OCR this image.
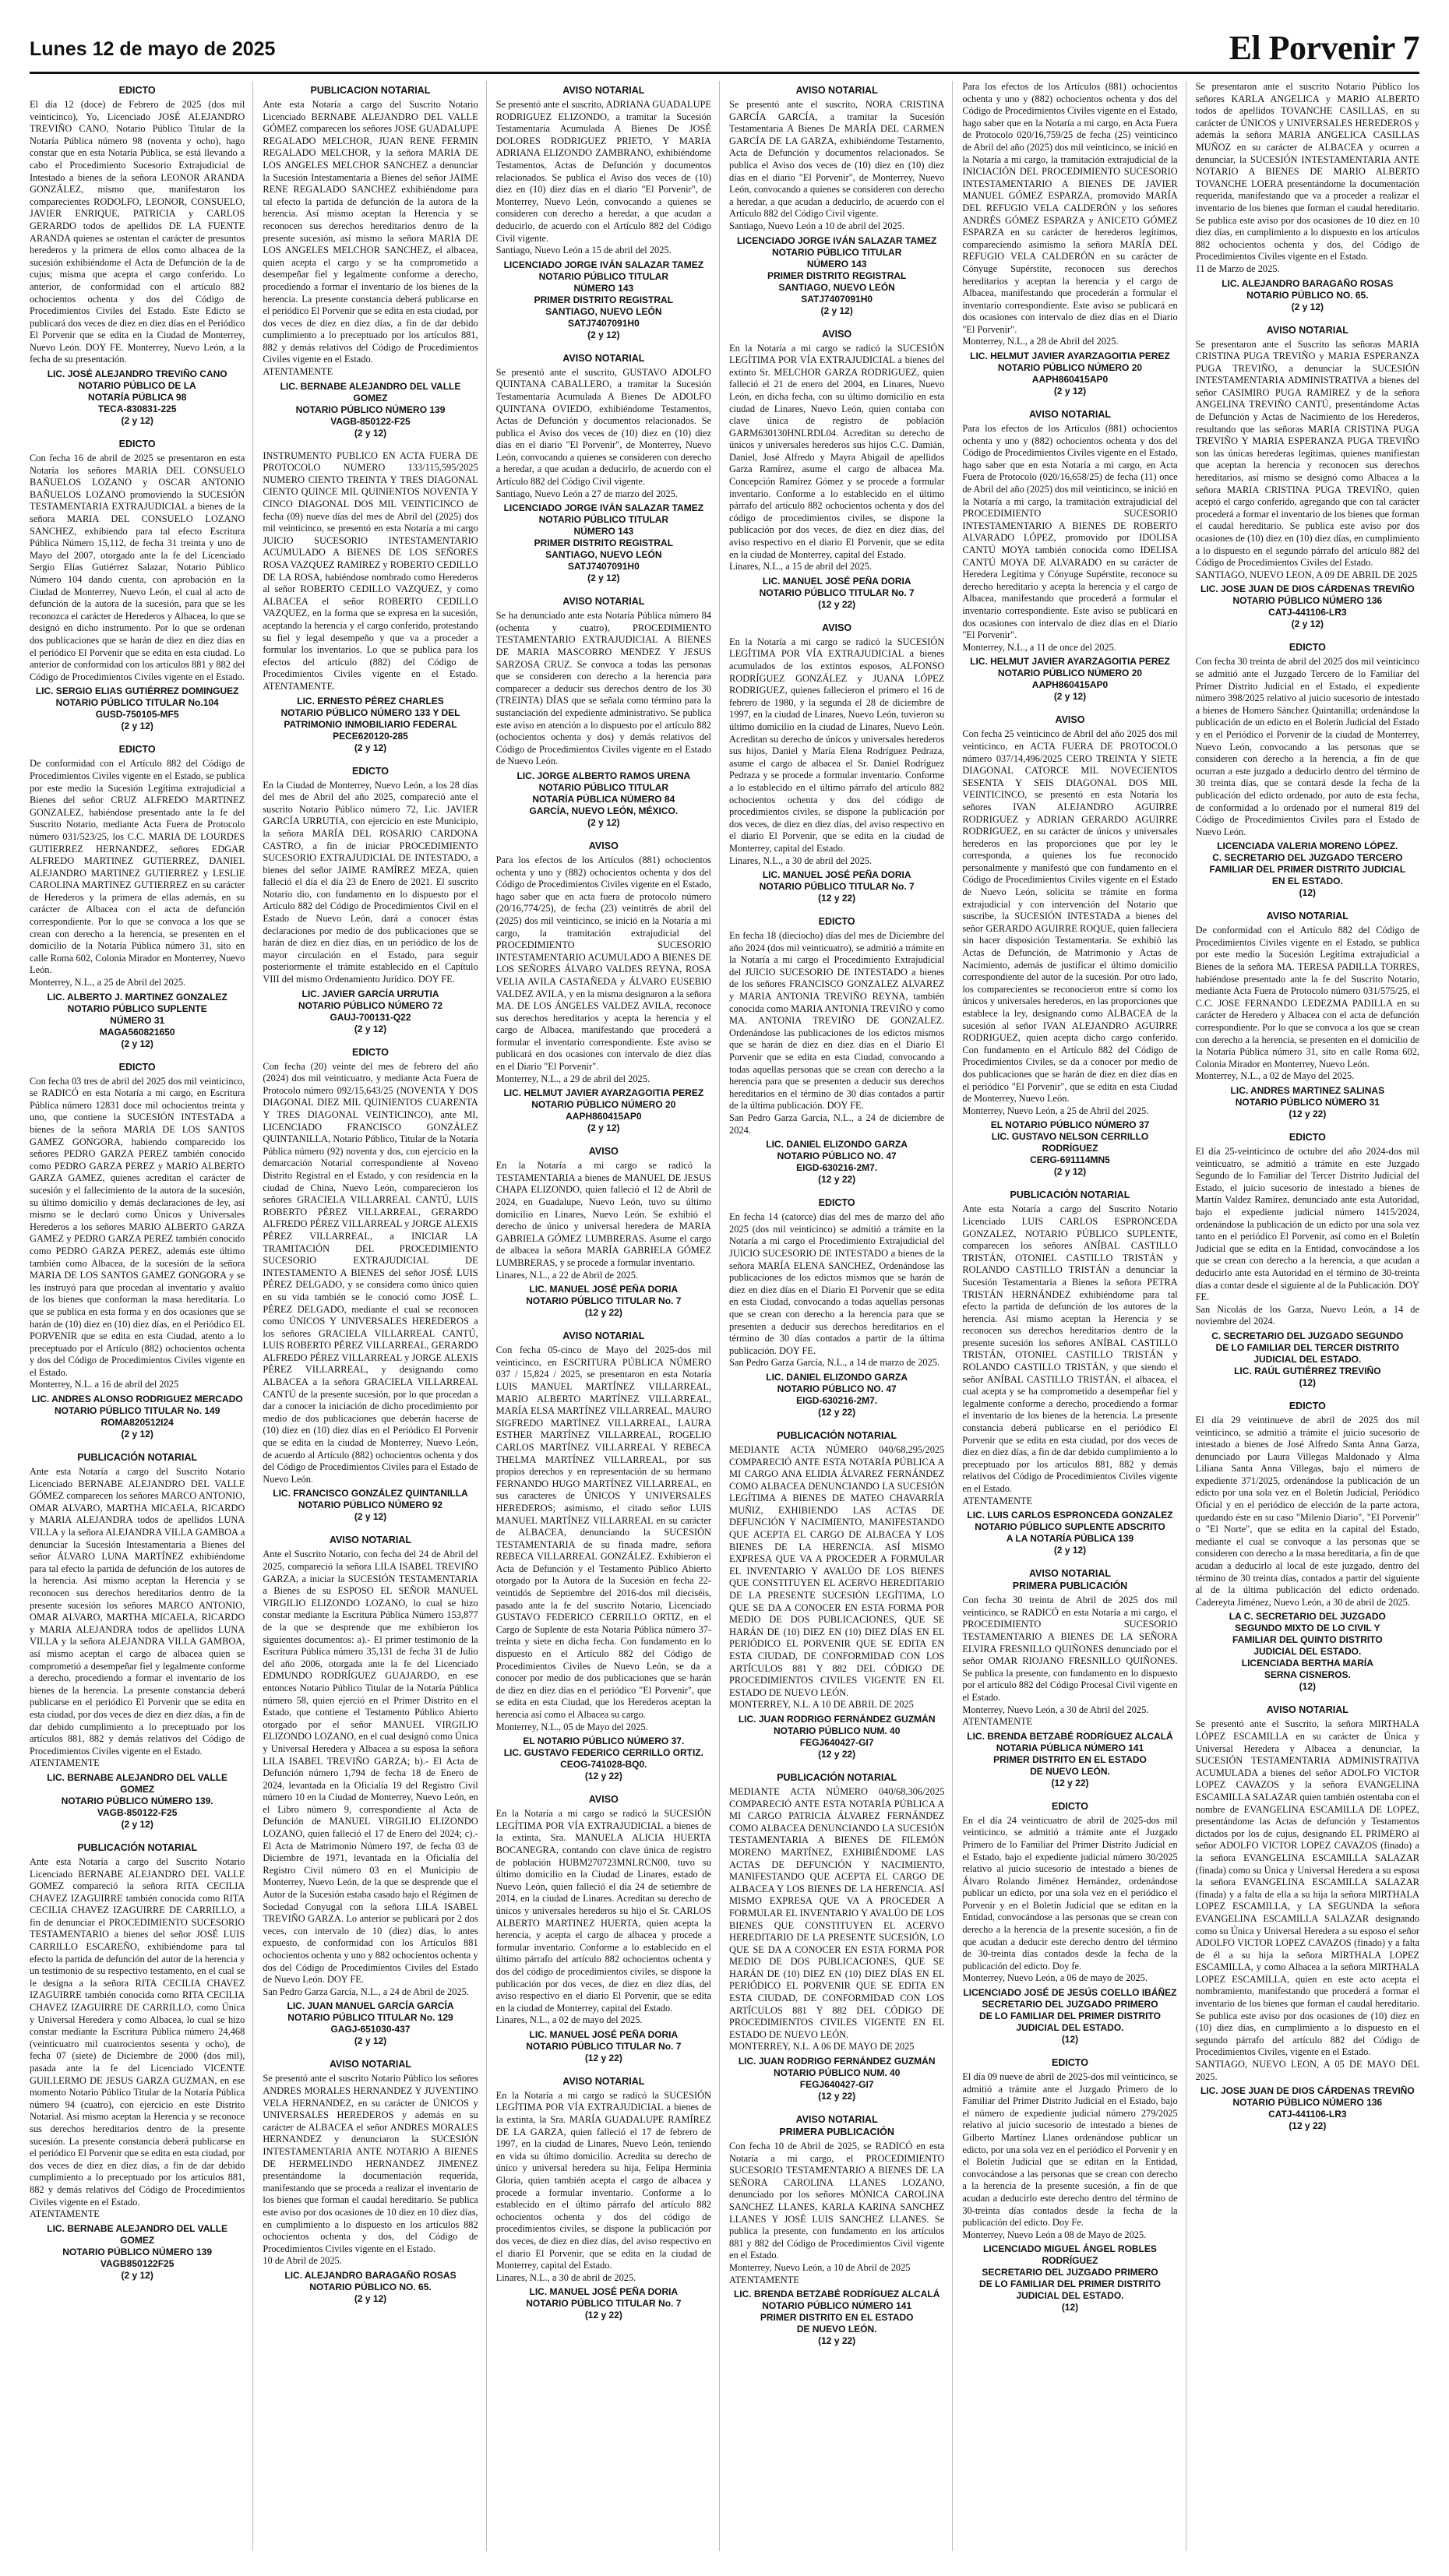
Lunes 12 de mayo de 2025	El Porvenir 7
EDICTO

El día 12 (doce) de Febrero de 2025 (dos mil veinticinco), Yo, Licenciado JOSÉ ALEJANDRO TREVIÑO CANO, Notario Público Titular de la Notaría Pública número 98 (noventa y ocho), hago constar que en esta Notaría Pública, se está llevando a cabo el Procedimiento Sucesorio Extrajudicial de Intestado a bienes de la señora LEONOR ARANDA GONZÁLEZ, mismo que, manifestaron los comparecientes RODOLFO, LEONOR, CONSUELO, JAVIER ENRIQUE, PATRICIA y CARLOS GERARDO todos de apellidos DE LA FUENTE ARANDA quienes se ostentan el carácter de presuntos herederos y la primera de ellos como albacea de la sucesión exhibiéndome el Acta de Defunción de la de cujus; misma que acepta el cargo conferido. Lo anterior, de conformidad con el artículo 882 ochocientos ochenta y dos del Código de Procedimientos Civiles del Estado. Este Edicto se publicará dos veces de diez en diez días en el Periódico El Porvenir que se edita en la Ciudad de Monterrey, Nuevo León. DOY FE. Monterrey, Nuevo León, a la fecha de su presentación.

LIC. JOSÉ ALEJANDRO TREVIÑO CANO
NOTARIO PÚBLICO DE LA
NOTARÍA PÚBLICA 98
TECA-830831-225
(2 y 12)
EDICTO

Con fecha 16 de abril de 2025 se presentaron en esta Notaría los señores MARIA DEL CONSUELO BAÑUELOS LOZANO y OSCAR ANTONIO BAÑUELOS LOZANO promoviendo la SUCESIÓN TESTAMENTARIA EXTRAJUDICIAL a bienes de la señora MARIA DEL CONSUELO LOZANO SANCHEZ, exhibiendo para tal efecto Escritura Pública Número 15,112, de fecha 31 treinta y uno de Mayo del 2007, otorgado ante la fe del Licenciado Sergio Elías Gutiérrez Salazar, Notario Público Número 104 dando cuenta, con aprobación en la Ciudad de Monterrey, Nuevo León, el cual al acto de defunción de la autora de la sucesión, para que se les reconozca el carácter de Herederos y Albacea, lo que se designó en dicho instrumento. Por lo que se ordenan dos publicaciones que se harán de diez en diez días en el periódico El Porvenir que se edita en esta ciudad. Lo anterior de conformidad con los artículos 881 y 882 del Código de Procedimientos Civiles vigente en el Estado.

LIC. SERGIO ELIAS GUTIÉRREZ DOMINGUEZ
NOTARIO PÚBLICO TITULAR No.104
GUSD-750105-MF5
(2 y 12)
EDICTO

De conformidad con el Artículo 882 del Código de Procedimientos Civiles vigente en el Estado, se publica por este medio la Sucesión Legítima extrajudicial a Bienes del señor CRUZ ALFREDO MARTINEZ GONZALEZ, habiéndose presentado ante la fe del Suscrito Notario, mediante Acta Fuera de Protocolo número 031/523/25, los C.C. MARIA DE LOURDES GUTIERREZ HERNANDEZ, señores EDGAR ALFREDO MARTINEZ GUTIERREZ, DANIEL ALEJANDRO MARTINEZ GUTIERREZ y LESLIE CAROLINA MARTINEZ GUTIERREZ en su carácter de Herederos y la primera de ellas además, en su carácter de Albacea con el acta de defunción correspondiente. Por lo que se convoca a los que se crean con derecho a la herencia, se presenten en el domicilio de la Notaría Pública número 31, sito en calle Roma 602, Colonia Mirador en Monterrey, Nuevo León.
Monterrey, N.L., a 25 de Abril del 2025.

LIC. ALBERTO J. MARTINEZ GONZALEZ
NOTARIO PÚBLICO SUPLENTE
NÚMERO 31
MAGA560821650
(2 y 12)
EDICTO

Con fecha 03 tres de abril del 2025 dos mil veinticinco, se RADICÓ en esta Notaría a mi cargo, en Escritura Pública número 12831 doce mil ochocientos treinta y uno, que contiene la SUCESIÓN INTESTADA a bienes de la señora MARIA DE LOS SANTOS GAMEZ GONGORA, habiendo comparecido los señores PEDRO GARZA PEREZ también conocido como PEDRO GARZA PEREZ y MARIO ALBERTO GARZA GAMEZ, quienes acreditan el carácter de sucesión y el fallecimiento de la autora de la sucesión, su último domicilio y demás declaraciones de ley, así mismo se le declaró como Únicos y Universales Herederos a los señores MARIO ALBERTO GARZA GAMEZ y PEDRO GARZA PEREZ también conocido como PEDRO GARZA PEREZ, además este último también como Albacea, de la sucesión de la señora MARIA DE LOS SANTOS GAMEZ GONGORA y se les instruyó para que procedan al inventario y avalúo de los bienes que conforman la masa hereditaria. Lo que se publica en esta forma y en dos ocasiones que se harán de (10) diez en (10) diez días, en el Periódico EL PORVENIR que se edita en esta Ciudad, atento a lo preceptuado por el Artículo (882) ochocientos ochenta y dos del Código de Procedimientos Civiles vigente en el Estado.
Monterrey, N.L. a 16 de abril del 2025

LIC. ANDRES ALONSO RODRIGUEZ MERCADO
NOTARIO PÚBLICO TITULAR No. 149
ROMA820512I24
(2 y 12)
PUBLICACIÓN NOTARIAL

Ante esta Notaría a cargo del Suscrito Notario Licenciado BERNABE ALEJANDRO DEL VALLE GÓMEZ comparecen los señores MARCO ANTONIO, OMAR ALVARO, MARTHA MICAELA, RICARDO y MARIA ALEJANDRA todos de apellidos LUNA VILLA y la señora ALEJANDRA VILLA GAMBOA a denunciar la Sucesión Intestamentaria a Bienes del señor ÁLVARO LUNA MARTÍNEZ exhibiéndome para tal efecto la partida de defunción de los autores de la herencia. Así mismo aceptan la Herencia y se reconocen sus derechos hereditarios dentro de la presente sucesión los señores MARCO ANTONIO, OMAR ALVARO, MARTHA MICAELA, RICARDO y MARIA ALEJANDRA todos de apellidos LUNA VILLA y la señora ALEJANDRA VILLA GAMBOA, así mismo aceptan el cargo de albacea quien se comprometió a desempeñar fiel y legalmente conforme a derecho, procediendo a formar el inventario de los bienes de la herencia. La presente constancia deberá publicarse en el periódico El Porvenir que se edita en esta ciudad, por dos veces de diez en diez días, a fin de dar debido cumplimiento a lo preceptuado por los artículos 881, 882 y demás relativos del Código de Procedimientos Civiles vigente en el Estado.
ATENTAMENTE

LIC. BERNABE ALEJANDRO DEL VALLE GOMEZ
NOTARIO PÚBLICO NÚMERO 139.
VAGB-850122-F25
(2 y 12)
PUBLICACIÓN NOTARIAL

Ante esta Notaría a cargo del Suscrito Notario Licenciado BERNABE ALEJANDRO DEL VALLE GOMEZ compareció la señora RITA CECILIA CHAVEZ IZAGUIRRE también conocida como RITA CECILIA CHAVEZ IZAGUIRRE DE CARRILLO, a fin de denunciar el PROCEDIMIENTO SUCESORIO TESTAMENTARIO a bienes del señor JOSÉ LUIS CARRILLO ESCAREÑO, exhibiéndome para tal efecto la partida de defunción del autor de la herencia y un testimonio de su respectivo testamento, en el cual se le designa a la señora RITA CECILIA CHAVEZ IZAGUIRRE también conocida como RITA CECILIA CHAVEZ IZAGUIRRE DE CARRILLO, como Única y Universal Heredera y como Albacea, lo cual se hizo constar mediante la Escritura Pública número 24,468 (veinticuatro mil cuatrocientos sesenta y ocho), de fecha 07 (siete) de Diciembre de 2000 (dos mil), pasada ante la fe del Licenciado VICENTE GUILLERMO DE JESUS GARZA GUZMAN, en ese momento Notario Público Titular de la Notaría Pública número 94 (cuatro), con ejercicio en este Distrito Notarial. Así mismo aceptan la Herencia y se reconoce sus derechos hereditarios dentro de la presente sucesión. La presente constancia deberá publicarse en el periódico El Porvenir que se edita en esta ciudad, por dos veces de diez en diez días, a fin de dar debido cumplimiento a lo preceptuado por los artículos 881, 882 y demás relativos del Código de Procedimientos Civiles vigente en el Estado.
ATENTAMENTE

LIC. BERNABE ALEJANDRO DEL VALLE GOMEZ
NOTARIO PÚBLICO NÚMERO 139
VAGB850122F25
(2 y 12)
PUBLICACION NOTARIAL

Ante esta Notaría a cargo del Suscrito Notario Licenciado BERNABE ALEJANDRO DEL VALLE GÓMEZ comparecen los señores JOSE GUADALUPE REGALADO MELCHOR, JUAN RENE FERMIN REGALADO MELCHOR, y la señora MARIA DE LOS ANGELES MELCHOR SANCHEZ a denunciar la Sucesión Intestamentaria a Bienes del señor JAIME RENE REGALADO SANCHEZ exhibiéndome para tal efecto la partida de defunción de la autora de la herencia. Así mismo aceptan la Herencia y se reconocen sus derechos hereditarios dentro de la presente sucesión, así mismo la señora MARIA DE LOS ANGELES MELCHOR SANCHEZ, el albacea, quien acepta el cargo y se ha comprometido a desempeñar fiel y legalmente conforme a derecho, procediendo a formar el inventario de los bienes de la herencia. La presente constancia deberá publicarse en el periódico El Porvenir que se edita en esta ciudad, por dos veces de diez en diez días, a fin de dar debido cumplimiento a lo preceptuado por los artículos 881, 882 y demás relativos del Código de Procedimientos Civiles vigente en el Estado.
ATENTAMENTE

LIC. BERNABE ALEJANDRO DEL VALLE GOMEZ
NOTARIO PÚBLICO NÚMERO 139
VAGB-850122-F25
(2 y 12)

INSTRUMENTO PUBLICO EN ACTA FUERA DE PROTOCOLO NUMERO 133/115,595/2025 NUMERO CIENTO TREINTA Y TRES DIAGONAL CIENTO QUINCE MIL QUINIENTOS NOVENTA Y CINCO DIAGONAL DOS MIL VEINTICINCO de fecha (09) nueve días del mes de Abril del (2025) dos mil veinticinco, se presentó en esta Notaría a mi cargo JUICIO SUCESORIO INTESTAMENTARIO ACUMULADO A BIENES DE LOS SEÑORES ROSA VAZQUEZ RAMIREZ y ROBERTO CEDILLO DE LA ROSA, habiéndose nombrado como Herederos al señor ROBERTO CEDILLO VAZQUEZ, y como ALBACEA el señor ROBERTO CEDILLO VAZQUEZ, en la forma que se expresa en la sucesión, aceptando la herencia y el cargo conferido, protestando su fiel y legal desempeño y que va a proceder a formular los inventarios. Lo que se publica para los efectos del artículo (882) del Código de Procedimientos Civiles vigente en el Estado. ATENTAMENTE.

LIC. ERNESTO PÉREZ CHARLES
NOTARIO PÚBLICO NÚMERO 133 Y DEL PATRIMONIO INMOBILIARIO FEDERAL
PECE620120-285
(2 y 12)
EDICTO

En la Ciudad de Monterrey, Nuevo León, a los 28 días del mes de Abril del año 2025, compareció ante el suscrito Notario Público número 72, Lic. JAVIER GARCÍA URRUTIA, con ejercicio en este Municipio, la señora MARÍA DEL ROSARIO CARDONA CASTRO, a fin de iniciar PROCEDIMIENTO SUCESORIO EXTRAJUDICIAL DE INTESTADO, a bienes del señor JAIME RAMÍREZ MEZA, quien falleció el día el día 23 de Enero de 2021. El suscrito Notario dio, con fundamento en lo dispuesto por el Artículo 882 del Código de Procedimientos Civil en el Estado de Nuevo León, dará a conocer éstas declaraciones por medio de dos publicaciones que se harán de diez en diez días, en un periódico de los de mayor circulación en el Estado, para seguir posteriormente el trámite establecido en el Capítulo VIII del mismo Ordenamiento Jurídico. DOY FE.

LIC. JAVIER GARCÍA URRUTIA
NOTARIO PÚBLICO NÚMERO 72
GAUJ-700131-Q22
(2 y 12)
EDICTO

Con fecha (20) veinte del mes de febrero del año (2024) dos mil veinticuatro, y mediante Acta Fuera de Protocolo número 092/15,643/25 (NOVENTA Y DOS DIAGONAL DIEZ MIL QUINIENTOS CUARENTA Y TRES DIAGONAL VEINTICINCO), ante MI, LICENCIADO FRANCISCO GONZÁLEZ QUINTANILLA, Notario Público, Titular de la Notaría Pública número (92) noventa y dos, con ejercicio en la demarcación Notarial correspondiente al Noveno Distrito Registral en el Estado, y con residencia en la ciudad de China, Nuevo León, comparecieron los señores GRACIELA VILLARREAL CANTÚ, LUIS ROBERTO PÉREZ VILLARREAL, GERARDO ALFREDO PÉREZ VILLARREAL y JORGE ALEXIS PÉREZ VILLARREAL, a INICIAR LA TRAMITACIÓN DEL PROCEDIMIENTO SUCESORIO EXTRAJUDICIAL DE INTESTAMENTO A BIENES del señor JOSÉ LUIS PÉREZ DELGADO, y se considera como único quien en su vida también se le conoció como JOSÉ L. PÉREZ DELGADO, mediante el cual se reconocen como ÚNICOS Y UNIVERSALES HEREDEROS a los señores GRACIELA VILLARREAL CANTÚ, LUIS ROBERTO PÉREZ VILLARREAL, GERARDO ALFREDO PÉREZ VILLARREAL y JORGE ALEXIS PÉREZ VILLARREAL, y designando como ALBACEA a la señora GRACIELA VILLARREAL CANTÚ de la presente sucesión, por lo que procedan a dar a conocer la iniciación de dicho procedimiento por medio de dos publicaciones que deberán hacerse de (10) diez en (10) diez días en el Periódico El Porvenir que se edita en la ciudad de Monterrey, Nuevo León, de acuerdo al Artículo (882) ochocientos ochenta y dos del Código de Procedimientos Civiles para el Estado de Nuevo León.

LIC. FRANCISCO GONZÁLEZ QUINTANILLA
NOTARIO PÚBLICO NÚMERO 92
(2 y 12)
AVISO NOTARIAL

Ante el Suscrito Notario, con fecha del 24 de Abril del 2025, compareció la señora LILA ISABEL TREVIÑO GARZA, a iniciar la SUCESIÓN TESTAMENTARIA a Bienes de su ESPOSO EL SEÑOR MANUEL VIRGILIO ELIZONDO LOZANO, lo cual se hizo constar mediante la Escritura Pública Número 153,877 de la que se desprende que me exhibieron los siguientes documentos: a).- El primer testimonio de la Escritura Pública número 35,131 de fecha 31 de Julio del año 2006, otorgada ante la fe del Licenciado EDMUNDO RODRÍGUEZ GUAJARDO, en ese entonces Notario Público Titular de la Notaría Pública número 58, quien ejerció en el Primer Distrito en el Estado, que contiene el Testamento Público Abierto otorgado por el señor MANUEL VIRGILIO ELIZONDO LOZANO, en el cual designó como Única y Universal Heredera y Albacea a su esposa la señora LILA ISABEL TREVIÑO GARZA; b).- El Acta de Defunción número 1,794 de fecha 18 de Enero de 2024, levantada en la Oficialía 19 del Registro Civil número 10 en la Ciudad de Monterrey, Nuevo León, en el Libro número 9, correspondiente al Acta de Defunción de MANUEL VIRGILIO ELIZONDO LOZANO, quien falleció el 17 de Enero del 2024; c).- El Acta de Matrimonio Número 197, de fecha 03 de Diciembre de 1971, levantada en la Oficialía del Registro Civil número 03 en el Municipio de Monterrey, Nuevo León, de la que se desprende que el Autor de la Sucesión estaba casado bajo el Régimen de Sociedad Conyugal con la señora LILA ISABEL TREVIÑO GARZA. Lo anterior se publicará por 2 dos veces, con intervalo de 10 (diez) días, lo antes expuesto, de conformidad con los Artículos 881 ochocientos ochenta y uno y 882 ochocientos ochenta y dos del Código de Procedimientos Civiles del Estado de Nuevo León. DOY FE.
San Pedro Garza García, N.L., a 24 de Abril de 2025.

LIC. JUAN MANUEL GARCÍA GARCÍA
NOTARIO PÚBLICO TITULAR No. 129
GAGJ-651030-437
(2 y 12)
AVISO NOTARIAL

Se presentó ante el suscrito Notario Público los señores ANDRES MORALES HERNANDEZ Y JUVENTINO VELA HERNANDEZ, en su carácter de ÚNICOS y UNIVERSALES HEREDEROS y además en su carácter de ALBACEA el señor ANDRES MORALES HERNANDEZ y denunciaron la SUCESIÓN INTESTAMENTARIA ANTE NOTARIO A BIENES DE HERMELINDO HERNANDEZ JIMENEZ presentándome la documentación requerida, manifestando que se proceda a realizar el inventario de los bienes que forman el caudal hereditario. Se publica este aviso por dos ocasiones de 10 diez en 10 diez días, en cumplimiento a lo dispuesto en los artículos 882 ochocientos ochenta y dos, del Código de Procedimientos Civiles vigente en el Estado.
10 de Abril de 2025.

LIC. ALEJANDRO BARAGAÑO ROSAS
NOTARIO PÚBLICO NO. 65.
(2 y 12)
AVISO NOTARIAL

Se presentó ante el suscrito, ADRIANA GUADALUPE RODRIGUEZ ELIZONDO, a tramitar la Sucesión Testamentaria Acumulada A Bienes De JOSÉ DOLORES RODRIGUEZ PRIETO, Y MARIA ADRIANA ELIZONDO ZAMBRANO, exhibiéndome Testamentos, Actas de Defunción y documentos relacionados. Se publica el Aviso dos veces de (10) diez en (10) diez días en el diario "El Porvenir", de Monterrey, Nuevo León, convocando a quienes se consideren con derecho a heredar, a que acudan a deducirlo, de acuerdo con el Artículo 882 del Código Civil vigente.
Santiago, Nuevo León a 15 de abril del 2025.

LICENCIADO JORGE IVÁN SALAZAR TAMEZ
NOTARIO PÚBLICO TITULAR
NÚMERO 143
PRIMER DISTRITO REGISTRAL
SANTIAGO, NUEVO LEÓN
SATJ7407091H0
(2 y 12)
AVISO NOTARIAL

Se presentó ante el suscrito, GUSTAVO ADOLFO QUINTANA CABALLERO, a tramitar la Sucesión Testamentaria Acumulada A Bienes De ADOLFO QUINTANA OVIEDO, exhibiéndome Testamentos, Actas de Defunción y documentos relacionados. Se publica el Aviso dos veces de (10) diez en (10) diez días en el diario "El Porvenir", de Monterrey, Nuevo León, convocando a quienes se consideren con derecho a heredar, a que acudan a deducirlo, de acuerdo con el Artículo 882 del Código Civil vigente.
Santiago, Nuevo León a 27 de marzo del 2025.

LICENCIADO JORGE IVÁN SALAZAR TAMEZ
NOTARIO PÚBLICO TITULAR
NÚMERO 143
PRIMER DISTRITO REGISTRAL
SANTIAGO, NUEVO LEÓN
SATJ7407091H0
(2 y 12)
AVISO NOTARIAL

Se ha denunciado ante esta Notaría Pública número 84 (ochenta y cuatro), PROCEDIMIENTO TESTAMENTARIO EXTRAJUDICIAL A BIENES DE MARIA MASCORRO MENDEZ Y JESUS SARZOSA CRUZ. Se convoca a todas las personas que se consideren con derecho a la herencia para comparecer a deducir sus derechos dentro de los 30 (TREINTA) DÍAS que se señala como término para la sustanciación del expediente administrativo. Se publica este aviso en atención a lo dispuesto por el artículo 882 (ochocientos ochenta y dos) y demás relativos del Código de Procedimientos Civiles vigente en el Estado de Nuevo León.

LIC. JORGE ALBERTO RAMOS URENA
NOTARIO PÚBLICO TITULAR
NOTARÍA PÚBLICA NÚMERO 84
GARCÍA, NUEVO LEÓN, MÉXICO.
(2 y 12)
AVISO

Para los efectos de los Artículos (881) ochocientos ochenta y uno y (882) ochocientos ochenta y dos del Código de Procedimientos Civiles vigente en el Estado, hago saber que en acta fuera de protocolo número (20/16,774/25), de fecha (23) veintitrés de abril del (2025) dos mil veinticinco, se inició en la Notaría a mi cargo, la tramitación extrajudicial del PROCEDIMIENTO SUCESORIO INTESTAMENTARIO ACUMULADO A BIENES DE LOS SEÑORES ÁLVARO VALDES REYNA, ROSA VELIA AVILA CASTAÑEDA y ÁLVARO EUSEBIO VALDEZ AVILA, y en la misma designaron a la señora MA. DE LOS ÁNGELES VALDEZ AVILA, reconoce sus derechos hereditarios y acepta la herencia y el cargo de Albacea, manifestando que procederá a formular el inventario correspondiente. Este aviso se publicará en dos ocasiones con intervalo de diez días en el Diario "El Porvenir".
Monterrey, N.L., a 29 de abril del 2025.

LIC. HELMUT JAVIER AYARZAGOITIA PEREZ
NOTARIO PÚBLICO NÚMERO 20
AAPH860415AP0
(2 y 12)
AVISO

En la Notaría a mi cargo se radicó la TESTAMENTARIA a bienes de MANUEL DE JESUS CHAPA ELIZONDO, quien falleció el 12 de Abril de 2024, en Guadalupe, Nuevo León, tuvo su último domicilio en Linares, Nuevo León. Se exhibió el derecho de único y universal heredera de MARIA GABRIELA GÓMEZ LUMBRERAS. Asume el cargo de albacea la señora MARÍA GABRIELA GÓMEZ LUMBRERAS, y se procede a formular inventario.
Linares, N.L., a 22 de Abril de 2025.

LIC. MANUEL JOSÉ PEÑA DORIA
NOTARIO PÚBLICO TITULAR No. 7
(12 y 22)
AVISO NOTARIAL

Con fecha 05-cinco de Mayo del 2025-dos mil veinticinco, en ESCRITURA PÚBLICA NÚMERO 037 / 15,824 / 2025, se presentaron en esta Notaría LUIS MANUEL MARTÍNEZ VILLARREAL, MARIO ALBERTO MARTÍNEZ VILLARREAL, MARÍA ELSA MARTÍNEZ VILLARREAL, MAURO SIGFREDO MARTÍNEZ VILLARREAL, LAURA ESTHER MARTÍNEZ VILLARREAL, ROGELIO CARLOS MARTÍNEZ VILLARREAL Y REBECA THELMA MARTÍNEZ VILLARREAL, por sus propios derechos y en representación de su hermano FERNANDO HUGO MARTÍNEZ VILLARREAL, en sus caracteres de ÚNICOS Y UNIVERSALES HEREDEROS; asimismo, el citado señor LUIS MANUEL MARTÍNEZ VILLARREAL en su carácter de ALBACEA, denunciando la SUCESIÓN TESTAMENTARIA de su finada madre, señora REBECA VILLARREAL GONZÁLEZ. Exhibieron el Acta de Defunción y el Testamento Público Abierto otorgado por la Autora de la Sucesión en fecha 22-veintidós de Septiembre del 2016-dos mil dieciséis, pasado ante la fe del suscrito Notario, Licenciado GUSTAVO FEDERICO CERRILLO ORTIZ, en el Cargo de Suplente de esta Notaría Pública número 37-treinta y siete en dicha fecha. Con fundamento en lo dispuesto en el Artículo 882 del Código de Procedimientos Civiles de Nuevo León, se da a conocer por medio de dos publicaciones que se harán de diez en diez días en el periódico "El Porvenir", que se edita en esta Ciudad, que los Herederos aceptan la herencia así como el Albacea su cargo.
Monterrey, N.L., 05 de Mayo del 2025.

EL NOTARIO PÚBLICO NÚMERO 37.
LIC. GUSTAVO FEDERICO CERRILLO ORTIZ.
CEOG-741028-BQ0.
(12 y 22)
AVISO

En la Notaría a mi cargo se radicó la SUCESIÓN LEGÍTIMA POR VÍA EXTRAJUDICIAL a bienes de la extinta, Sra. MANUELA ALICIA HUERTA BOCANEGRA, contando con clave única de registro de población HUBM270723MNLRCN00, tuvo su último domicilio en la Ciudad de Linares, estado de Nuevo León, quien falleció el día 24 de setiembre de 2014, en la ciudad de Linares. Acreditan su derecho de únicos y universales herederos su hijo el Sr. CARLOS ALBERTO MARTINEZ HUERTA, quien acepta la herencia, y acepta el cargo de albacea y procede a formular inventario. Conforme a lo establecido en el último párrafo del artículo 882 ochocientos ochenta y dos del código de procedimientos civiles, se dispone la publicación por dos veces, de diez en diez días, del aviso respectivo en el diario El Porvenir, que se edita en la ciudad de Monterrey, capital del Estado.
Linares, N.L., a 02 de mayo del 2025.

LIC. MANUEL JOSÉ PEÑA DORIA
NOTARIO PÚBLICO TITULAR No. 7
(12 y 22)
AVISO NOTARIAL

En la Notaría a mi cargo se radicó la SUCESIÓN LEGÍTIMA POR VÍA EXTRAJUDICIAL a bienes de la extinta, la Sra. MARÍA GUADALUPE RAMÍREZ DE LA GARZA, quien falleció el 17 de febrero de 1997, en la ciudad de Linares, Nuevo León, teniendo en vida su último domicilio. Acredita su derecho de único y universal heredera su hija, Felipa Herminia Gloria, quien también acepta el cargo de albacea y procede a formular inventario. Conforme a lo establecido en el último párrafo del artículo 882 ochocientos ochenta y dos del código de procedimientos civiles, se dispone la publicación por dos veces, de diez en diez días, del aviso respectivo en el diario El Porvenir, que se edita en la ciudad de Monterrey, capital del Estado.
Linares, N.L., a 30 de abril de 2025.

LIC. MANUEL JOSÉ PEÑA DORIA
NOTARIO PÚBLICO TITULAR No. 7
(12 y 22)
AVISO NOTARIAL

Se presentó ante el suscrito, NORA CRISTINA GARCÍA GARCÍA, a tramitar la Sucesión Testamentaria A Bienes De MARÍA DEL CARMEN GARCÍA DE LA GARZA, exhibiéndome Testamento, Acta de Defunción y documentos relacionados. Se publica el Aviso dos veces de (10) diez en (10) diez días en el diario "El Porvenir", de Monterrey, Nuevo León, convocando a quienes se consideren con derecho a heredar, a que acudan a deducirlo, de acuerdo con el Artículo 882 del Código Civil vigente.
Santiago, Nuevo León a 10 de abril del 2025.

LICENCIADO JORGE IVÁN SALAZAR TAMEZ
NOTARIO PÚBLICO TITULAR
NÚMERO 143
PRIMER DISTRITO REGISTRAL
SANTIAGO, NUEVO LEÓN
SATJ7407091H0
(2 y 12)
AVISO

En la Notaría a mi cargo se radicó la SUCESIÓN LEGÍTIMA POR VÍA EXTRAJUDICIAL a bienes del extinto Sr. MELCHOR GARZA RODRIGUEZ, quien falleció el 21 de enero del 2004, en Linares, Nuevo León, en dicha fecha, con su último domicilio en esta ciudad de Linares, Nuevo León, quien contaba con clave única de registro de población GARM630130HNLRDL04. Acreditan su derecho de únicos y universales herederos sus hijos C.C. Damián, Daniel, José Alfredo y Mayra Abigail de apellidos Garza Ramírez, asume el cargo de albacea Ma. Concepción Ramírez Gómez y se procede a formular inventario. Conforme a lo establecido en el último párrafo del artículo 882 ochocientos ochenta y dos del código de procedimientos civiles, se dispone la publicación por dos veces, de diez en diez días, del aviso respectivo en el diario El Porvenir, que se edita en la ciudad de Monterrey, capital del Estado.
Linares, N.L., a 15 de abril del 2025.

LIC. MANUEL JOSÉ PEÑA DORIA
NOTARIO PÚBLICO TITULAR No. 7
(12 y 22)
AVISO

En la Notaría a mi cargo se radicó la SUCESIÓN LEGÍTIMA POR VÍA EXTRAJUDICIAL a bienes acumulados de los extintos esposos, ALFONSO RODRÍGUEZ GONZÁLEZ y JUANA LÓPEZ RODRIGUEZ, quienes fallecieron el primero el 16 de febrero de 1980, y la segunda el 28 de diciembre de 1997, en la ciudad de Linares, Nuevo León, tuvieron su último domicilio en la ciudad de Linares, Nuevo León. Acreditan su derecho de únicos y universales herederos sus hijos, Daniel y María Elena Rodríguez Pedraza, asume el cargo de albacea el Sr. Daniel Rodríguez Pedraza y se procede a formular inventario. Conforme a lo establecido en el último párrafo del artículo 882 ochocientos ochenta y dos del código de procedimientos civiles, se dispone la publicación por dos veces, de diez en diez días, del aviso respectivo en el diario El Porvenir, que se edita en la ciudad de Monterrey, capital del Estado.
Linares, N.L., a 30 de abril del 2025.

LIC. MANUEL JOSÉ PEÑA DORIA
NOTARIO PÚBLICO TITULAR No. 7
(12 y 22)
EDICTO

En fecha 18 (dieciocho) días del mes de Diciembre del año 2024 (dos mil veinticuatro), se admitió a trámite en la Notaría a mi cargo el Procedimiento Extrajudicial del JUICIO SUCESORIO DE INTESTADO a bienes de los señores FRANCISCO GONZALEZ ALVAREZ y MARIA ANTONIA TREVIÑO REYNA, también conocida como MARIA ANTONIA TREVIÑO y como MA. ANTONIA TREVIÑO DE GONZALEZ. Ordenándose las publicaciones de los edictos mismos que se harán de diez en diez días en el Diario El Porvenir que se edita en esta Ciudad, convocando a todas aquellas personas que se crean con derecho a la herencia para que se presenten a deducir sus derechos hereditarios en el término de 30 días contados a partir de la última publicación. DOY FE.
San Pedro Garza García, N.L., a 24 de diciembre de 2024.

LIC. DANIEL ELIZONDO GARZA
NOTARIO PÚBLICO NO. 47
EIGD-630216-2M7.
(12 y 22)
EDICTO

En fecha 14 (catorce) días del mes de marzo del año 2025 (dos mil veinticinco) se admitió a trámite en la Notaría a mi cargo el Procedimiento Extrajudicial del JUICIO SUCESORIO DE INTESTADO a bienes de la señora MARÍA ELENA SANCHEZ, Ordenándose las publicaciones de los edictos mismos que se harán de diez en diez días en el Diario El Porvenir que se edita en esta Ciudad, convocando a todas aquellas personas que se crean con derecho a la herencia para que se presenten a deducir sus derechos hereditarios en el término de 30 días contados a partir de la última publicación. DOY FE.
San Pedro Garza García, N.L., a 14 de marzo de 2025.

LIC. DANIEL ELIZONDO GARZA
NOTARIO PÚBLICO NO. 47
EIGD-630216-2M7.
(12 y 22)
PUBLICACIÓN NOTARIAL

MEDIANTE ACTA NÚMERO 040/68,295/2025 COMPARECIÓ ANTE ESTA NOTARÍA PÚBLICA A MI CARGO ANA ELIDIA ÁLVAREZ FERNÁNDEZ COMO ALBACEA DENUNCIANDO LA SUCESIÓN LEGÍTIMA A BIENES DE MATEO CHAVARRÍA MUÑIZ, EXHIBIENDO LAS ACTAS DE DEFUNCIÓN Y NACIMIENTO, MANIFESTANDO QUE ACEPTA EL CARGO DE ALBACEA Y LOS BIENES DE LA HERENCIA. ASÍ MISMO EXPRESA QUE VA A PROCEDER A FORMULAR EL INVENTARIO Y AVALÚO DE LOS BIENES QUE CONSTITUYEN EL ACERVO HEREDITARIO DE LA PRESENTE SUCESIÓN LEGÍTIMA, LO QUE SE DA A CONOCER EN ESTA FORMA POR MEDIO DE DOS PUBLICACIONES, QUE SE HARÁN DE (10) DIEZ EN (10) DIEZ DÍAS EN EL PERIÓDICO EL PORVENIR QUE SE EDITA EN ESTA CIUDAD, DE CONFORMIDAD CON LOS ARTÍCULOS 881 Y 882 DEL CÓDIGO DE PROCEDIMIENTOS CIVILES VIGENTE EN EL ESTADO DE NUEVO LEÓN.
MONTERREY, N.L. A 10 DE ABRIL DE 2025

LIC. JUAN RODRIGO FERNÁNDEZ GUZMÁN
NOTARIO PÚBLICO NUM. 40
FEGJ640427-GI7
(12 y 22)
PUBLICACIÓN NOTARIAL

MEDIANTE ACTA NÚMERO 040/68,306/2025 COMPARECIÓ ANTE ESTA NOTARÍA PÚBLICA A MI CARGO PATRICIA ÁLVAREZ FERNÁNDEZ COMO ALBACEA DENUNCIANDO LA SUCESIÓN TESTAMENTARIA A BIENES DE FILEMÓN MORENO MARTÍNEZ, EXHIBIÉNDOME LAS ACTAS DE DEFUNCIÓN Y NACIMIENTO, MANIFESTANDO QUE ACEPTA EL CARGO DE ALBACEA Y LOS BIENES DE LA HERENCIA. ASÍ MISMO EXPRESA QUE VA A PROCEDER A FORMULAR EL INVENTARIO Y AVALÚO DE LOS BIENES QUE CONSTITUYEN EL ACERVO HEREDITARIO DE LA PRESENTE SUCESIÓN, LO QUE SE DA A CONOCER EN ESTA FORMA POR MEDIO DE DOS PUBLICACIONES, QUE SE HARÁN DE (10) DIEZ EN (10) DIEZ DÍAS EN EL PERIÓDICO EL PORVENIR QUE SE EDITA EN ESTA CIUDAD, DE CONFORMIDAD CON LOS ARTÍCULOS 881 Y 882 DEL CÓDIGO DE PROCEDIMIENTOS CIVILES VIGENTE EN EL ESTADO DE NUEVO LEÓN.
MONTERREY, N.L. A 06 DE MAYO DE 2025

LIC. JUAN RODRIGO FERNÁNDEZ GUZMÁN
NOTARIO PÚBLICO NUM. 40
FEGJ640427-GI7
(12 y 22)
AVISO NOTARIAL
PRIMERA PUBLICACIÓN

Con fecha 10 de Abril de 2025, se RADICÓ en esta Notaría a mi cargo, el PROCEDIMIENTO SUCESORIO TESTAMENTARIO A BIENES DE LA SEÑORA CAROLINA LLANES LOZANO, denunciado por los señores MÓNICA CAROLINA SANCHEZ LLANES, KARLA KARINA SANCHEZ LLANES Y JOSÉ LUIS SANCHEZ LLANES. Se publica la presente, con fundamento en los artículos 881 y 882 del Código de Procedimientos Civil vigente en el Estado.
Monterrey, Nuevo León, a 10 de Abril de 2025
ATENTAMENTE

LIC. BRENDA BETZABÉ RODRÍGUEZ ALCALÁ
NOTARIO PÚBLICO NÚMERO 141
PRIMER DISTRITO EN EL ESTADO
DE NUEVO LEÓN.
(12 y 22)

Para los efectos de los Artículos (881) ochocientos ochenta y uno y (882) ochocientos ochenta y dos del Código de Procedimientos Civiles vigente en el Estado, hago saber que en la Notaría a mi cargo, en Acta Fuera de Protocolo 020/16,759/25 de fecha (25) veinticinco de Abril del año (2025) dos mil veinticinco, se inició en la Notaría a mi cargo, la tramitación extrajudicial de la INICIACIÓN DEL PROCEDIMIENTO SUCESORIO INTESTAMENTARIO A BIENES DE JAVIER MANUEL GÓMEZ ESPARZA, promovido MARÍA DEL REFUGIO VELA CALDERÓN y los señores ANDRÉS GÓMEZ ESPARZA y ANICETO GÓMEZ ESPARZA en su carácter de herederos legítimos, compareciendo asimismo la señora MARÍA DEL REFUGIO VELA CALDERÓN en su carácter de Cónyuge Supérstite, reconocen sus derechos hereditarios y aceptan la herencia y el cargo de Albacea, manifestando que procederán a formular el inventario correspondiente. Este aviso se publicará en dos ocasiones con intervalo de diez días en el Diario "El Porvenir".
Monterrey, N.L., a 28 de Abril del 2025.

LIC. HELMUT JAVIER AYARZAGOITIA PEREZ
NOTARIO PÚBLICO NÚMERO 20
AAPH860415AP0
(2 y 12)
AVISO NOTARIAL

Para los efectos de los Artículos (881) ochocientos ochenta y uno y (882) ochocientos ochenta y dos del Código de Procedimientos Civiles vigente en el Estado, hago saber que en esta Notaría a mi cargo, en Acta Fuera de Protocolo (020/16,658/25) de fecha (11) once de Abril del año (2025) dos mil veinticinco, se inició en la Notaría a mi cargo, la tramitación extrajudicial del PROCEDIMIENTO SUCESORIO INTESTAMENTARIO A BIENES DE ROBERTO ALVARADO LÓPEZ, promovido por IDOLISA CANTÚ MOYA también conocida como IDELISA CANTÚ MOYA DE ALVARADO en su carácter de Heredera Legítima y Cónyuge Supérstite, reconoce su derecho hereditario y acepta la herencia y el cargo de Albacea, manifestando que procederá a formular el inventario correspondiente. Este aviso se publicará en dos ocasiones con intervalo de diez días en el Diario "El Porvenir".
Monterrey, N.L., a 11 de once del 2025.

LIC. HELMUT JAVIER AYARZAGOITIA PEREZ
NOTARIO PÚBLICO NÚMERO 20
AAPH860415AP0
(2 y 12)
AVISO

Con fecha 25 veinticinco de Abril del año 2025 dos mil veinticinco, en ACTA FUERA DE PROTOCOLO número 037/14,496/2025 CERO TREINTA Y SIETE DIAGONAL CATORCE MIL NOVECIENTOS SESENTA Y SEIS DIAGONAL DOS MIL VEINTICINCO, se presentó en esta Notaría los señores IVAN ALEJANDRO AGUIRRE RODRIGUEZ y ADRIAN GERARDO AGUIRRE RODRIGUEZ, en su carácter de únicos y universales herederos en las proporciones que por ley le corresponda, a quienes los fue reconocido personalmente y manifestó que con fundamento en el Código de Procedimientos Civiles vigente en el Estado de Nuevo León, solicita se trámite en forma extrajudicial y con intervención del Notario que suscribe, la SUCESIÓN INTESTADA a bienes del señor GERARDO AGUIRRE ROQUE, quien falleciera sin hacer disposición Testamentaria. Se exhibió las Actas de Defunción, de Matrimonio y Actas de Nacimiento, además de justificar el último domicilio correspondiente del autor de la sucesión. Por otro lado, los comparecientes se reconocieron entre sí como los únicos y universales herederos, en las proporciones que establece la ley, designando como ALBACEA de la sucesión al señor IVAN ALEJANDRO AGUIRRE RODRIGUEZ, quien acepta dicho cargo conferido. Con fundamento en el Artículo 882 del Código de Procedimientos Civiles, se da a conocer por medio de dos publicaciones que se harán de diez en diez días en el periódico "El Porvenir", que se edita en esta Ciudad de Monterrey, Nuevo León.
Monterrey, Nuevo León, a 25 de Abril del 2025.

EL NOTARIO PÚBLICO NÚMERO 37
LIC. GUSTAVO NELSON CERRILLO RODRÍGUEZ
CERG-691114MN5
(2 y 12)
PUBLICACIÓN NOTARIAL

Ante esta Notaría a cargo del Suscrito Notario Licenciado LUIS CARLOS ESPRONCEDA GONZALEZ, NOTARIO PÚBLICO SUPLENTE, comparecen los señores ANÍBAL CASTILLO TRISTÁN, OTONIEL CASTILLO TRISTÁN y ROLANDO CASTILLO TRISTÁN a denunciar la Sucesión Testamentaria a Bienes la señora PETRA TRISTÁN HERNÁNDEZ exhibiéndome para tal efecto la partida de defunción de los autores de la herencia. Así mismo aceptan la Herencia y se reconocen sus derechos hereditarios dentro de la presente sucesión los señores ANÍBAL CASTILLO TRISTÁN, OTONIEL CASTILLO TRISTÁN y ROLANDO CASTILLO TRISTÁN, y que siendo el señor ANÍBAL CASTILLO TRISTÁN, el albacea, el cual acepta y se ha comprometido a desempeñar fiel y legalmente conforme a derecho, procediendo a formar el inventario de los bienes de la herencia. La presente constancia deberá publicarse en el periódico El Porvenir que se edita en esta ciudad, por dos veces de diez en diez días, a fin de dar debido cumplimiento a lo preceptuado por los artículos 881, 882 y demás relativos del Código de Procedimientos Civiles vigente en el Estado.
ATENTAMENTE

LIC. LUIS CARLOS ESPRONCEDA GONZALEZ
NOTARIO PÚBLICO SUPLENTE ADSCRITO
A LA NOTARÍA PÚBLICA 139
(2 y 12)
AVISO NOTARIAL
PRIMERA PUBLICACIÓN

Con fecha 30 treinta de Abril de 2025 dos mil veinticinco, se RADICÓ en esta Notaría a mi cargo, el PROCEDIMIENTO SUCESORIO TESTAMENTARIO A BIENES DE LA SEÑORA ELVIRA FRESNILLO QUIÑONES denunciado por el señor OMAR RIOJANO FRESNILLO QUIÑONES. Se publica la presente, con fundamento en lo dispuesto por el artículo 882 del Código Procesal Civil vigente en el Estado.
Monterrey, Nuevo León, a 30 de Abril del 2025.
ATENTAMENTE

LIC. BRENDA BETZABÉ RODRÍGUEZ ALCALÁ
NOTARIA PÚBLICA NÚMERO 141
PRIMER DISTRITO EN EL ESTADO
DE NUEVO LEÓN.
(12 y 22)
EDICTO

En el día 24 veinticuatro de abril de 2025-dos mil veinticinco, se admitió a trámite ante el Juzgado Primero de lo Familiar del Primer Distrito Judicial en el Estado, bajo el expediente judicial número 30/2025 relativo al juicio sucesorio de intestado a bienes de Álvaro Rolando Jiménez Hernández, ordenándose publicar un edicto, por una sola vez en el periódico el Porvenir y en el Boletín Judicial que se editan en la Entidad, convocándose a las personas que se crean con derecho a la herencia de la presente sucesión, a fin de que acudan a deducir este derecho dentro del término de 30-treinta días contados desde la fecha de la publicación del edicto. Doy fe.
Monterrey, Nuevo León, a 06 de mayo de 2025.

LICENCIADO JOSÉ DE JESÚS COELLO IBÁÑEZ
SECRETARIO DEL JUZGADO PRIMERO
DE LO FAMILIAR DEL PRIMER DISTRITO
JUDICIAL DEL ESTADO.
(12)
EDICTO

El día 09 nueve de abril de 2025-dos mil veinticinco, se admitió a trámite ante el Juzgado Primero de lo Familiar del Primer Distrito Judicial en el Estado, bajo el número de expediente judicial número 279/2025 relativo al juicio sucesorio de intestado a bienes de Gilberto Martínez Llanes ordenándose publicar un edicto, por una sola vez en el periódico el Porvenir y en el Boletín Judicial que se editan en la Entidad, convocándose a las personas que se crean con derecho a la herencia de la presente sucesión, a fin de que acudan a deducirlo este derecho dentro del término de 30-treinta días contados desde la fecha de la publicación del edicto. Doy Fe.
Monterrey, Nuevo León a 08 de Mayo de 2025.

LICENCIADO MIGUEL ÁNGEL ROBLES RODRÍGUEZ
SECRETARIO DEL JUZGADO PRIMERO
DE LO FAMILIAR DEL PRIMER DISTRITO
JUDICIAL DEL ESTADO.
(12)

Se presentaron ante el suscrito Notario Público los señores KARLA ANGELICA y MARIO ALBERTO todos de apellidos TOVANCHE CASILLAS, en su carácter de ÚNICOS y UNIVERSALES HEREDEROS y además la señora MARIA ANGELICA CASILLAS MUÑOZ en su carácter de ALBACEA y ocurren a denunciar, la SUCESIÓN INTESTAMENTARIA ANTE NOTARIO A BIENES DE MARIO ALBERTO TOVANCHE LOERA presentándome la documentación requerida, manifestando que va a proceder a realizar el inventario de los bienes que forman el caudal hereditario. Se publica este aviso por dos ocasiones de 10 diez en 10 diez días, en cumplimiento a lo dispuesto en los artículos 882 ochocientos ochenta y dos, del Código de Procedimientos Civiles vigente en el Estado.
11 de Marzo de 2025.

LIC. ALEJANDRO BARAGAÑO ROSAS
NOTARIO PÚBLICO NO. 65.
(2 y 12)
AVISO NOTARIAL

Se presentaron ante el Suscrito las señoras MARIA CRISTINA PUGA TREVIÑO y MARIA ESPERANZA PUGA TREVIÑO, a denunciar la SUCESIÓN INTESTAMENTARIA ADMINISTRATIVA a bienes del señor CASIMIRO PUGA RAMIREZ y de la señora ANGELINA TREVIÑO CANTÚ, presentándome Actas de Defunción y Actas de Nacimiento de los Herederos, resultando que las señoras MARIA CRISTINA PUGA TREVIÑO Y MARIA ESPERANZA PUGA TREVIÑO son las únicas herederas legítimas, quienes manifiestan que aceptan la herencia y reconocen sus derechos hereditarios, así mismo se designó como Albacea a la señora MARIA CRISTINA PUGA TREVIÑO, quien aceptó el cargo conferido, agregando que con tal carácter procederá a formar el inventario de los bienes que forman el caudal hereditario. Se publica este aviso por dos ocasiones de (10) diez en (10) diez días, en cumplimiento a lo dispuesto en el segundo párrafo del artículo 882 del Código de Procedimientos Civiles del Estado.
SANTIAGO, NUEVO LEON, A 09 DE ABRIL DE 2025

LIC. JOSE JUAN DE DIOS CÁRDENAS TREVIÑO
NOTARIO PÚBLICO NÚMERO 136
CATJ-441106-LR3
(2 y 12)
EDICTO

Con fecha 30 treinta de abril del 2025 dos mil veinticinco se admitió ante el Juzgado Tercero de lo Familiar del Primer Distrito Judicial en el Estado, el expediente número 398/2025 relativo al juicio sucesorio de intestado a bienes de Homero Sánchez Quintanilla; ordenándose la publicación de un edicto en el Boletín Judicial del Estado y en el Periódico el Porvenir de la ciudad de Monterrey, Nuevo León, convocando a las personas que se consideren con derecho a la herencia, a fin de que ocurran a este juzgado a deducirlo dentro del término de 30 treinta días, que se contará desde la fecha de la publicación del edicto ordenado, por auto de esta fecha, de conformidad a lo ordenado por el numeral 819 del Código de Procedimientos Civiles para el Estado de Nuevo León.

LICENCIADA VALERIA MORENO LÓPEZ.
C. SECRETARIO DEL JUZGADO TERCERO
FAMILIAR DEL PRIMER DISTRITO JUDICIAL
EN EL ESTADO.
(12)
AVISO NOTARIAL

De conformidad con el Artículo 882 del Código de Procedimientos Civiles vigente en el Estado, se publica por este medio la Sucesión Legítima extrajudicial a Bienes de la señora MA. TERESA PADILLA TORRES, habiéndose presentado ante la fe del Suscrito Notario, mediante Acta Fuera de Protocolo número 031/575/25, el C.C. JOSE FERNANDO LEDEZMA PADILLA en su carácter de Heredero y Albacea con el acta de defunción correspondiente. Por lo que se convoca a los que se crean con derecho a la herencia, se presenten en el domicilio de la Notaría Pública número 31, sito en calle Roma 602, Colonia Mirador en Monterrey, Nuevo León.
Monterrey, N.L., a 02 de Mayo del 2025.

LIC. ANDRES MARTINEZ SALINAS
NOTARIO PÚBLICO NÚMERO 31
(12 y 22)
EDICTO

El día 25-veinticinco de octubre del año 2024-dos mil veinticuatro, se admitió a trámite en este Juzgado Segundo de lo Familiar del Tercer Distrito Judicial del Estado, el juicio sucesorio de intestado a bienes de Martín Valdez Ramírez, denunciado ante esta Autoridad, bajo el expediente judicial número 1415/2024, ordenándose la publicación de un edicto por una sola vez tanto en el periódico El Porvenir, así como en el Boletín Judicial que se edita en la Entidad, convocándose a los que se crean con derecho a la herencia, a que acudan a deducirlo ante esta Autoridad en el término de 30-treinta días a contar desde el siguiente al de la Publicación. DOY FE.
San Nicolás de los Garza, Nuevo León, a 14 de noviembre del 2024.

C. SECRETARIO DEL JUZGADO SEGUNDO
DE LO FAMILIAR DEL TERCER DISTRITO
JUDICIAL DEL ESTADO.
LIC. RAÚL GUTIÉRREZ TREVIÑO
(12)
EDICTO

El día 29 veintinueve de abril de 2025 dos mil veinticinco, se admitió a trámite el juicio sucesorio de intestado a bienes de José Alfredo Santa Anna Garza, denunciado por Laura Villegas Maldonado y Alma Liliana Santa Anna Villegas, bajo el número de expediente 371/2025, ordenándose la publicación de un edicto por una sola vez en el Boletín Judicial, Periódico Oficial y en el periódico de elección de la parte actora, quedando éste en su caso "Milenio Diario", "El Porvenir" o "El Norte", que se edita en la capital del Estado, mediante el cual se convoque a las personas que se consideren con derecho a la masa hereditaria, a fin de que acudan a deducirlo al local de este juzgado, dentro del término de 30 treinta días, contados a partir del siguiente al de la última publicación del edicto ordenado. Cadereyta Jiménez, Nuevo León, a 30 de abril de 2025.

LA C. SECRETARIO DEL JUZGADO
SEGUNDO MIXTO DE LO CIVIL Y
FAMILIAR DEL QUINTO DISTRITO
JUDICIAL DEL ESTADO.
LICENCIADA BERTHA MARÍA
SERNA CISNEROS.
(12)
AVISO NOTARIAL

Se presentó ante el Suscrito, la señora MIRTHALA LÓPEZ ESCAMILLA en su carácter de Única y Universal Heredera y Albacea a denunciar, la SUCESIÓN TESTAMENTARIA ADMINISTRATIVA ACUMULADA a bienes del señor ADOLFO VICTOR LOPEZ CAVAZOS y la señora EVANGELINA ESCAMILLA SALAZAR quien también ostentaba con el nombre de EVANGELINA ESCAMILLA DE LOPEZ, presentándome las Actas de defunción y Testamentos dictados por los de cujus, designando EL PRIMERO al señor ADOLFO VICTOR LOPEZ CAVAZOS (finado) a la señora EVANGELINA ESCAMILLA SALAZAR (finada) como su Única y Universal Heredera a su esposa la señora EVANGELINA ESCAMILLA SALAZAR (finada) y a falta de ella a su hija la señora MIRTHALA LOPEZ ESCAMILLA, y LA SEGUNDA la señora EVANGELINA ESCAMILLA SALAZAR designando como su Única y Universal Heredera a su esposo el señor ADOLFO VICTOR LOPEZ CAVAZOS (finado) y a falta de él a su hija la señora MIRTHALA LOPEZ ESCAMILLA, y como Albacea a la señora MIRTHALA LOPEZ ESCAMILLA, quien en este acto acepta el nombramiento, manifestando que procederá a formar el inventario de los bienes que forman el caudal hereditario. Se publica este aviso por dos ocasiones de (10) diez en (10) diez días, en cumplimiento a lo dispuesto en el segundo párrafo del artículo 882 del Código de Procedimientos Civiles, vigente en el Estado.
SANTIAGO, NUEVO LEON, A 05 DE MAYO DEL 2025.

LIC. JOSE JUAN DE DIOS CÁRDENAS TREVIÑO
NOTARIO PÚBLICO NÚMERO 136
CATJ-441106-LR3
(12 y 22)
